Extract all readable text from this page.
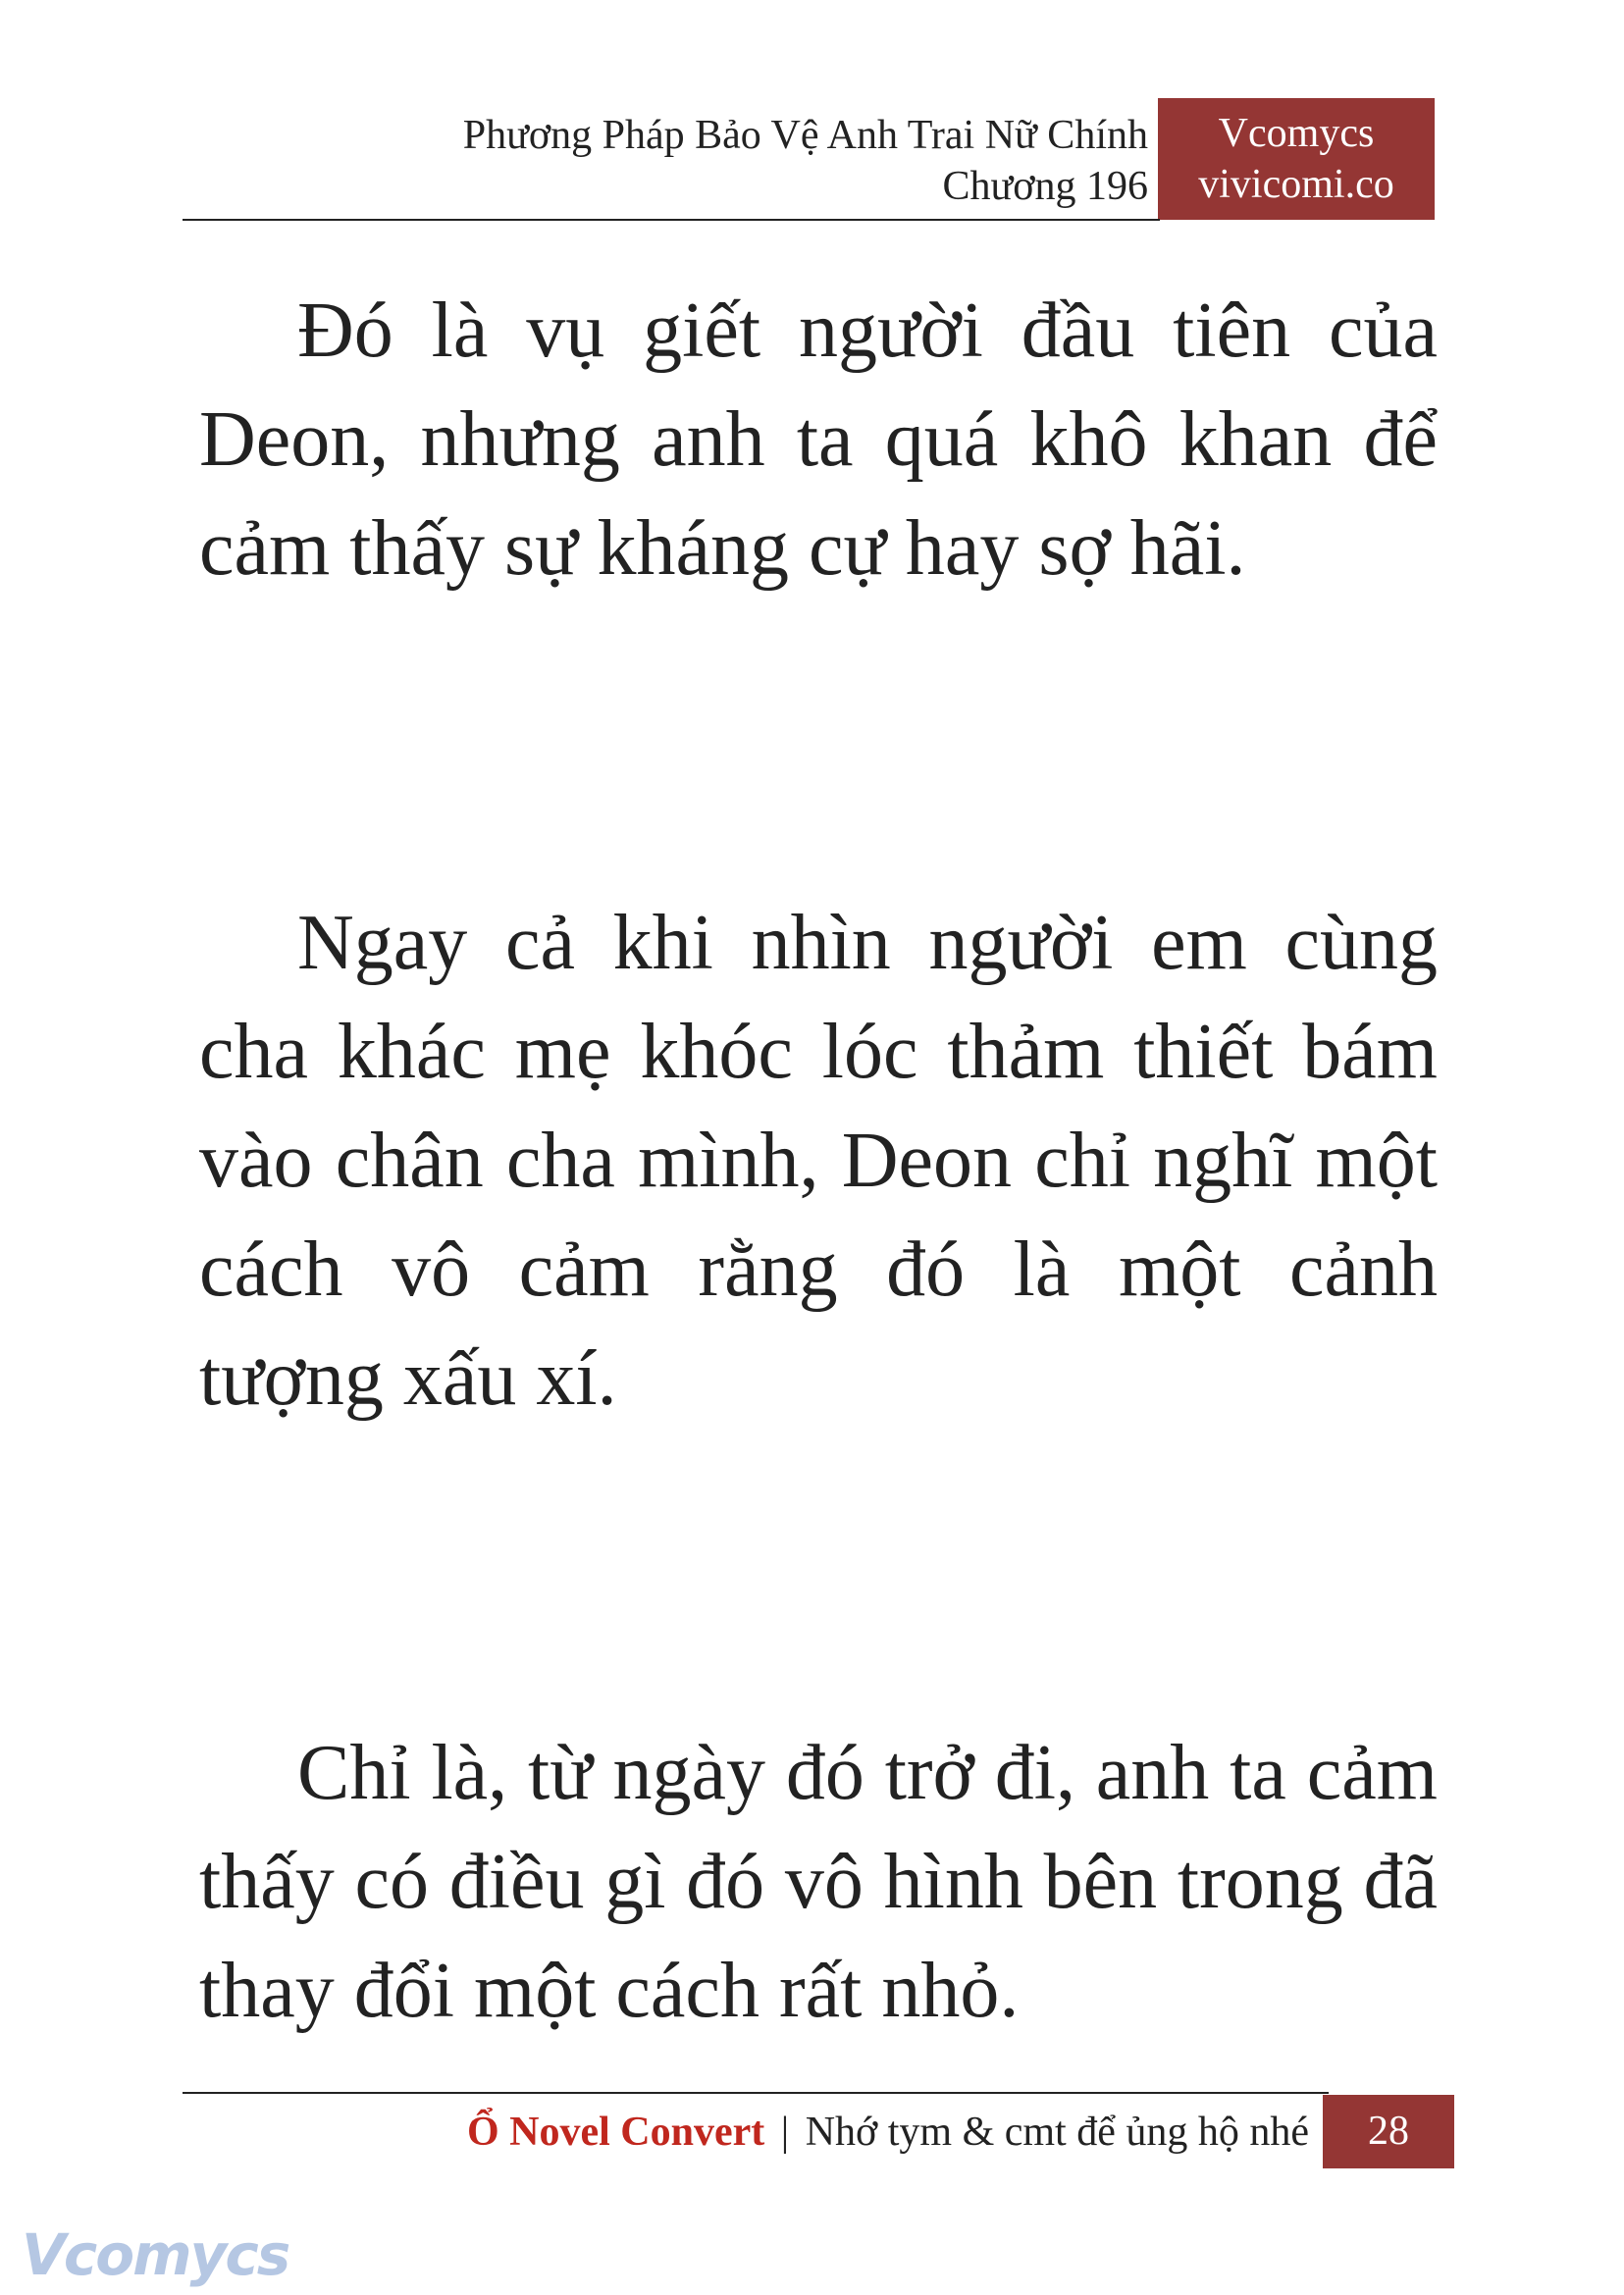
Phương Pháp Bảo Vệ Anh Trai Nữ Chính
Chương 196
Vcomycs
vivicomi.co

Đó là vụ giết người đầu tiên của Deon, nhưng anh ta quá khô khan để cảm thấy sự kháng cự hay sợ hãi.

Ngay cả khi nhìn người em cùng cha khác mẹ khóc lóc thảm thiết bám vào chân cha mình, Deon chỉ nghĩ một cách vô cảm rằng đó là một cảnh tượng xấu xí.

Chỉ là, từ ngày đó trở đi, anh ta cảm thấy có điều gì đó vô hình bên trong đã thay đổi một cách rất nhỏ.

Ổ Novel Convert | Nhớ tym & cmt để ủng hộ nhé	28
Vcomycs
